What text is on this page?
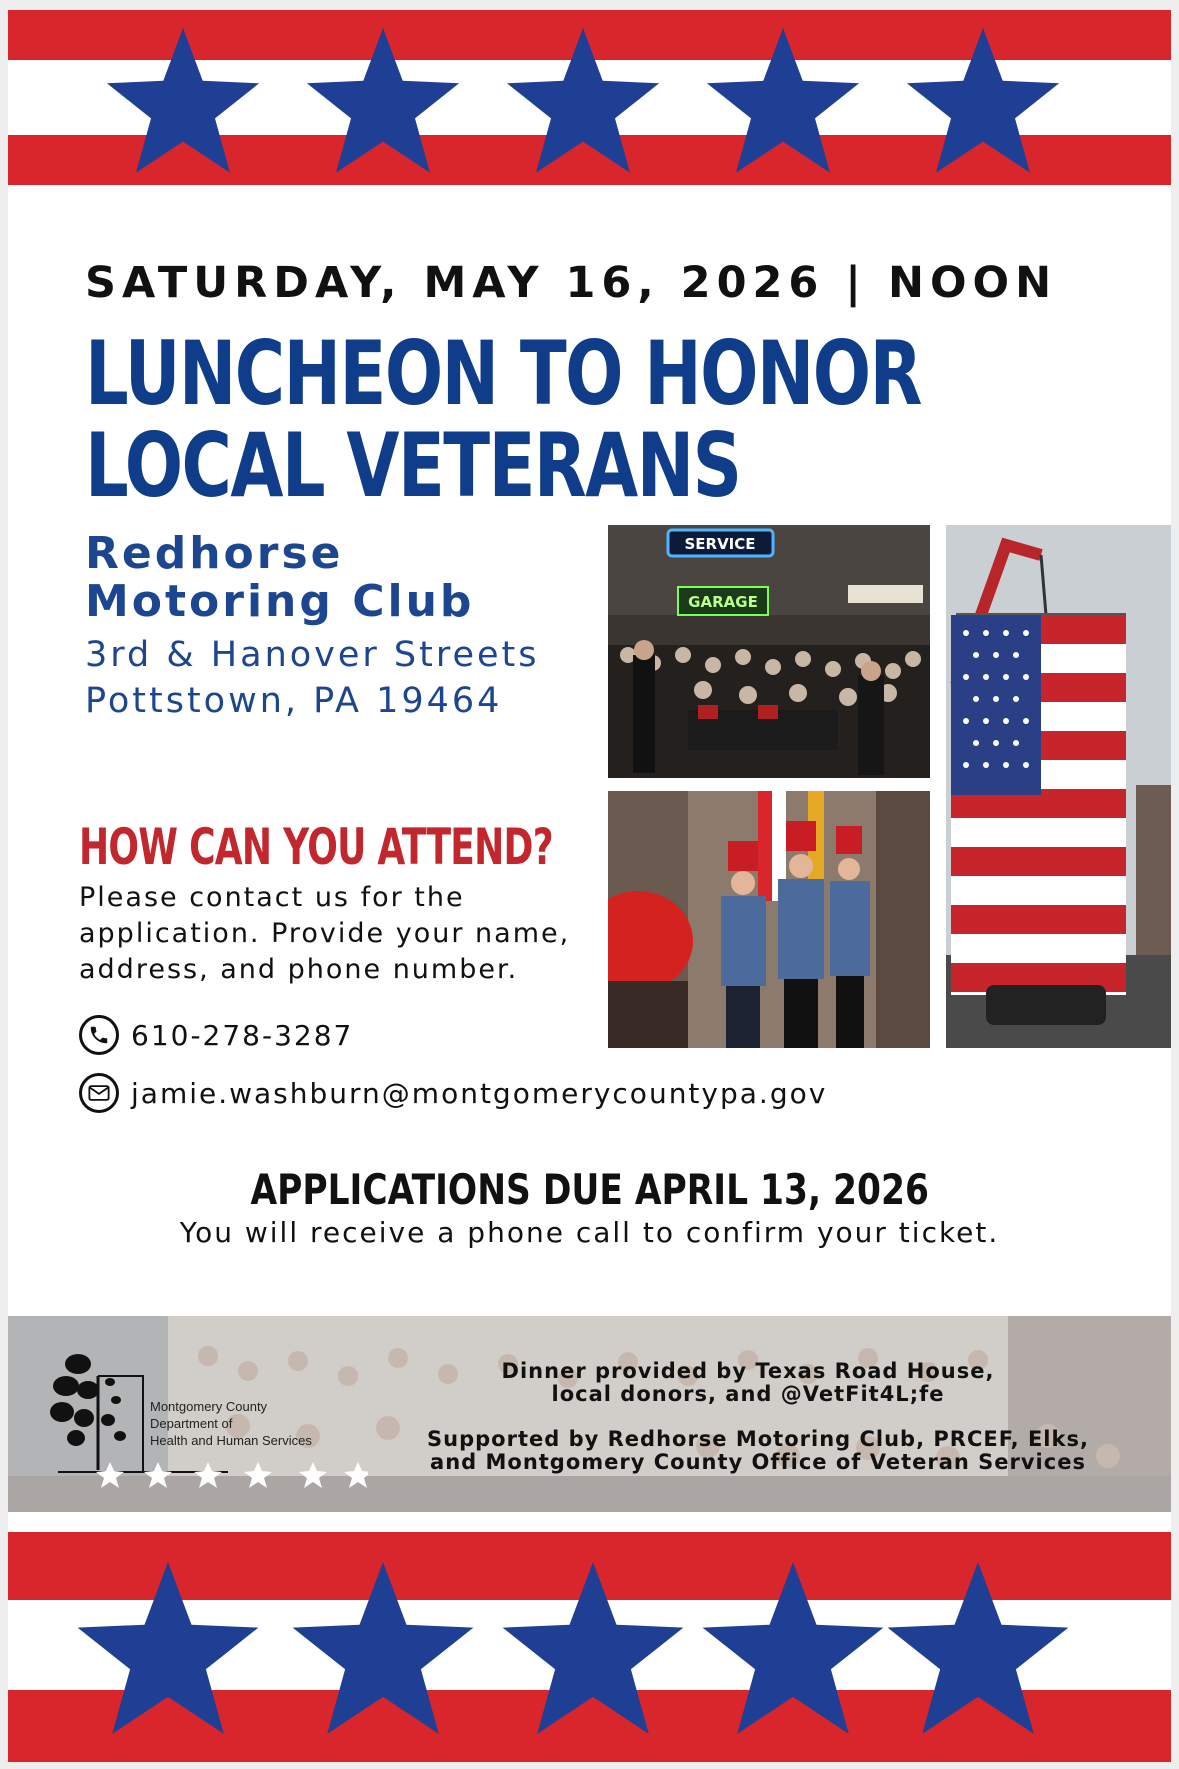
SATURDAY, MAY 16, 2026 | NOON
LUNCHEON TO HONOR
LOCAL VETERANS
Redhorse
Motoring Club
3rd & Hanover Streets
Pottstown, PA 19464
SERVICE
GARAGE
HOW CAN YOU ATTEND?
Please contact us for the application. Provide your name, address, and phone number.
610-278-3287
jamie.washburn@montgomerycountypa.gov
APPLICATIONS DUE APRIL 13, 2026
You will receive a phone call to confirm your ticket.
Montgomery County
Department of
Health and Human Services
Dinner provided by Texas Road House,
local donors, and @VetFit4L;fe
Supported by Redhorse Motoring Club, PRCEF, Elks,
and Montgomery County Office of Veteran Services
